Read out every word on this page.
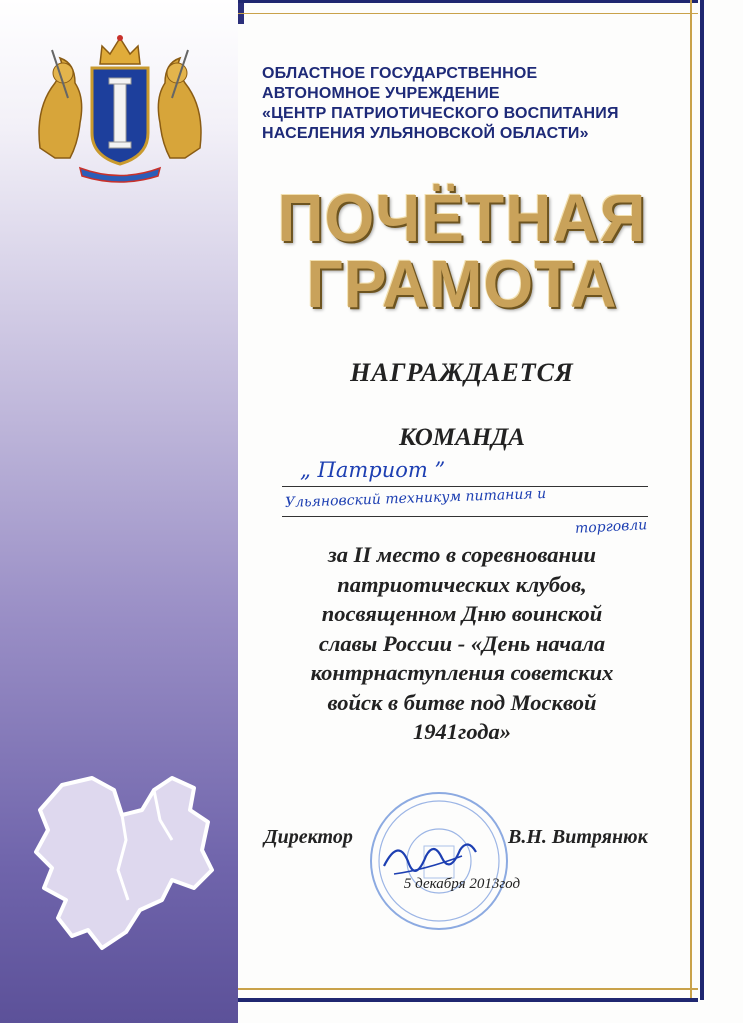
ОБЛАСТНОЕ ГОСУДАРСТВЕННОЕ
АВТОНОМНОЕ УЧРЕЖДЕНИЕ
«ЦЕНТР ПАТРИОТИЧЕСКОГО ВОСПИТАНИЯ
НАСЕЛЕНИЯ УЛЬЯНОВСКОЙ ОБЛАСТИ»
ПОЧЁТНАЯ
ГРАМОТА
НАГРАЖДАЕТСЯ
КОМАНДА
„ Патриот ”
Ульяновский техникум питания и
торговли
за II место в соревновании
патриотических клубов,
посвященном Дню воинской
славы России - «День начала
контрнаступления советских
войск в битве под Москвой
1941года»
Директор	В.Н. Витрянюк
5 декабря 2013год
